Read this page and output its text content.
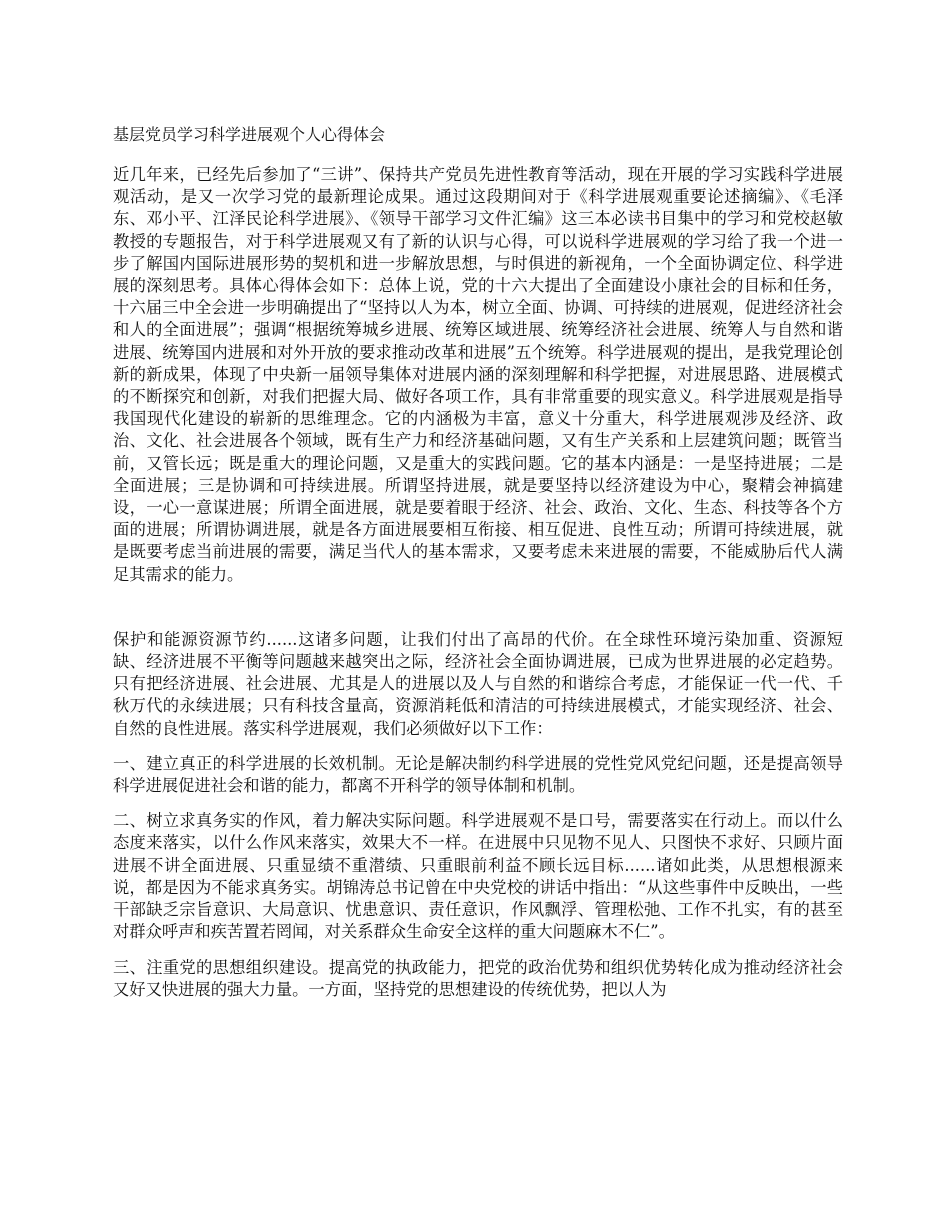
基层党员学习科学进展观个人心得体会

近几年来，已经先后参加了“三讲”、保持共产党员先进性教育等活动，现在开展的学习实践科学进展观活动，是又一次学习党的最新理论成果。通过这段期间对于《科学进展观重要论述摘编》、《毛泽东、邓小平、江泽民论科学进展》、《领导干部学习文件汇编》这三本必读书目集中的学习和党校赵敏教授的专题报告，对于科学进展观又有了新的认识与心得，可以说科学进展观的学习给了我一个进一步了解国内国际进展形势的契机和进一步解放思想，与时俱进的新视角，一个全面协调定位、科学进展的深刻思考。具体心得体会如下：总体上说，党的十六大提出了全面建设小康社会的目标和任务，十六届三中全会进一步明确提出了“坚持以人为本，树立全面、协调、可持续的进展观，促进经济社会和人的全面进展”；强调“根据统筹城乡进展、统筹区域进展、统筹经济社会进展、统筹人与自然和谐进展、统筹国内进展和对外开放的要求推动改革和进展”五个统筹。科学进展观的提出，是我党理论创新的新成果，体现了中央新一届领导集体对进展内涵的深刻理解和科学把握，对进展思路、进展模式的不断探究和创新，对我们把握大局、做好各项工作，具有非常重要的现实意义。科学进展观是指导我国现代化建设的崭新的思维理念。它的内涵极为丰富，意义十分重大，科学进展观涉及经济、政治、文化、社会进展各个领域，既有生产力和经济基础问题，又有生产关系和上层建筑问题；既管当前，又管长远；既是重大的理论问题，又是重大的实践问题。它的基本内涵是：一是坚持进展；二是全面进展；三是协调和可持续进展。所谓坚持进展，就是要坚持以经济建设为中心，聚精会神搞建设，一心一意谋进展；所谓全面进展，就是要着眼于经济、社会、政治、文化、生态、科技等各个方面的进展；所谓协调进展，就是各方面进展要相互衔接、相互促进、良性互动；所谓可持续进展，就是既要考虑当前进展的需要，满足当代人的基本需求，又要考虑未来进展的需要，不能威胁后代人满足其需求的能力。

保护和能源资源节约......这诸多问题，让我们付出了高昂的代价。在全球性环境污染加重、资源短缺、经济进展不平衡等问题越来越突出之际，经济社会全面协调进展，已成为世界进展的必定趋势。只有把经济进展、社会进展、尤其是人的进展以及人与自然的和谐综合考虑，才能保证一代一代、千秋万代的永续进展；只有科技含量高，资源消耗低和清洁的可持续进展模式，才能实现经济、社会、自然的良性进展。落实科学进展观，我们必须做好以下工作：

一、建立真正的科学进展的长效机制。无论是解决制约科学进展的党性党风党纪问题，还是提高领导科学进展促进社会和谐的能力，都离不开科学的领导体制和机制。

二、树立求真务实的作风，着力解决实际问题。科学进展观不是口号，需要落实在行动上。而以什么态度来落实，以什么作风来落实，效果大不一样。在进展中只见物不见人、只图快不求好、只顾片面进展不讲全面进展、只重显绩不重潜绩、只重眼前利益不顾长远目标......诸如此类，从思想根源来说，都是因为不能求真务实。胡锦涛总书记曾在中央党校的讲话中指出：“从这些事件中反映出，一些干部缺乏宗旨意识、大局意识、忧患意识、责任意识，作风飘浮、管理松弛、工作不扎实，有的甚至对群众呼声和疾苦置若罔闻，对关系群众生命安全这样的重大问题麻木不仁”。

三、注重党的思想组织建设。提高党的执政能力，把党的政治优势和组织优势转化成为推动经济社会又好又快进展的强大力量。一方面，坚持党的思想建设的传统优势，把以人为
